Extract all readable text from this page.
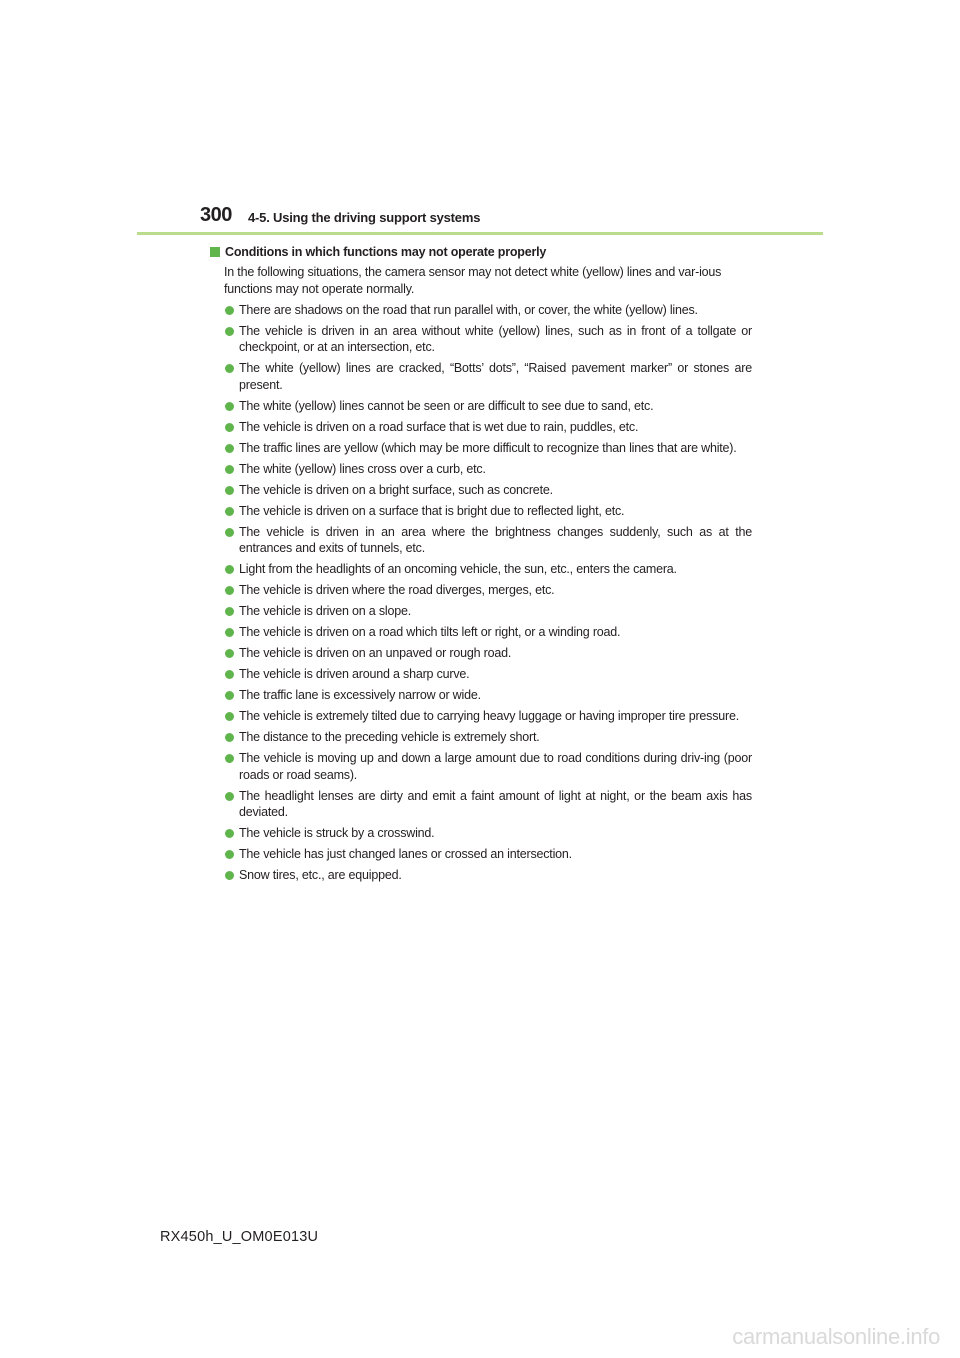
300 4-5. Using the driving support systems
Conditions in which functions may not operate properly
In the following situations, the camera sensor may not detect white (yellow) lines and var-ious functions may not operate normally.
There are shadows on the road that run parallel with, or cover, the white (yellow) lines.
The vehicle is driven in an area without white (yellow) lines, such as in front of a tollgate or checkpoint, or at an intersection, etc.
The white (yellow) lines are cracked, “Botts’ dots”, “Raised pavement marker” or stones are present.
The white (yellow) lines cannot be seen or are difficult to see due to sand, etc.
The vehicle is driven on a road surface that is wet due to rain, puddles, etc.
The traffic lines are yellow (which may be more difficult to recognize than lines that are white).
The white (yellow) lines cross over a curb, etc.
The vehicle is driven on a bright surface, such as concrete.
The vehicle is driven on a surface that is bright due to reflected light, etc.
The vehicle is driven in an area where the brightness changes suddenly, such as at the entrances and exits of tunnels, etc.
Light from the headlights of an oncoming vehicle, the sun, etc., enters the camera.
The vehicle is driven where the road diverges, merges, etc.
The vehicle is driven on a slope.
The vehicle is driven on a road which tilts left or right, or a winding road.
The vehicle is driven on an unpaved or rough road.
The vehicle is driven around a sharp curve.
The traffic lane is excessively narrow or wide.
The vehicle is extremely tilted due to carrying heavy luggage or having improper tire pressure.
The distance to the preceding vehicle is extremely short.
The vehicle is moving up and down a large amount due to road conditions during driv-ing (poor roads or road seams).
The headlight lenses are dirty and emit a faint amount of light at night, or the beam axis has deviated.
The vehicle is struck by a crosswind.
The vehicle has just changed lanes or crossed an intersection.
Snow tires, etc., are equipped.
RX450h_U_OM0E013U
carmanualsonline.info
